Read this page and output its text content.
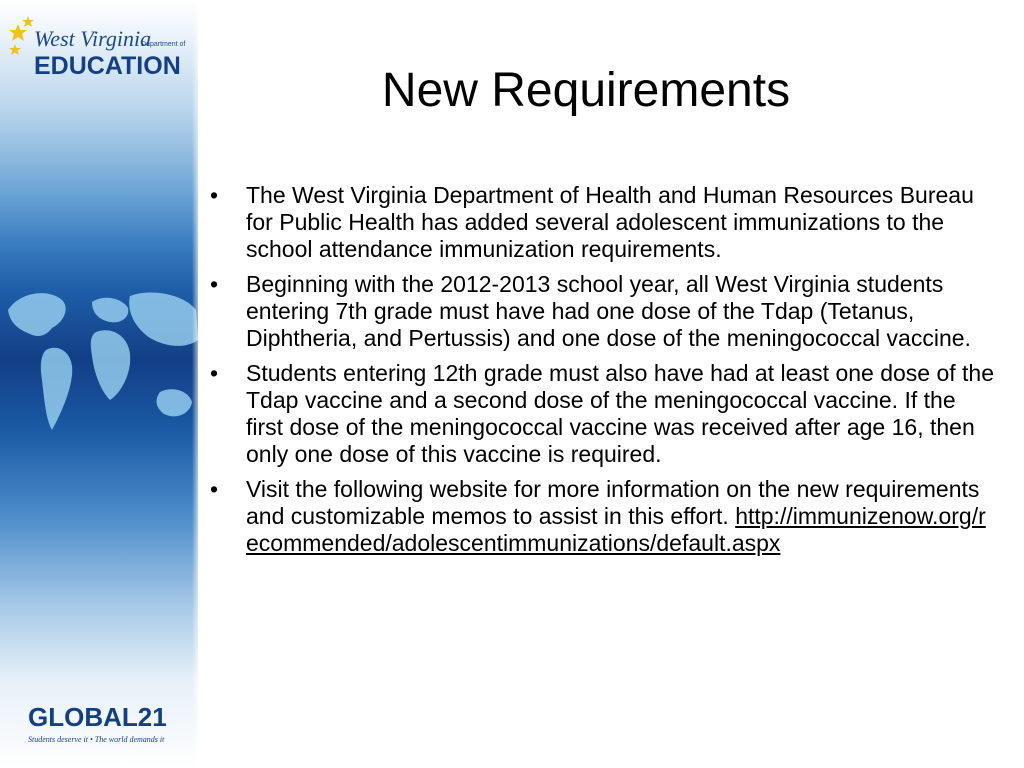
West Virginia
Department of
EDUCATION
GLOBAL21
Students deserve it • The world demands it
New Requirements
• The West Virginia Department of Health and Human Resources Bureau for Public Health has added several adolescent immunizations to the school attendance immunization requirements.
• Beginning with the 2012-2013 school year, all West Virginia students entering 7th grade must have had one dose of the Tdap (Tetanus, Diphtheria, and Pertussis) and one dose of the meningococcal vaccine.
• Students entering 12th grade must also have had at least one dose of the Tdap vaccine and a second dose of the meningococcal vaccine. If the first dose of the meningococcal vaccine was received after age 16, then only one dose of this vaccine is required.
• Visit the following website for more information on the new requirements and customizable memos to assist in this effort. http://immunizenow.org/recommended/adolescentimmunizations/default.aspx
